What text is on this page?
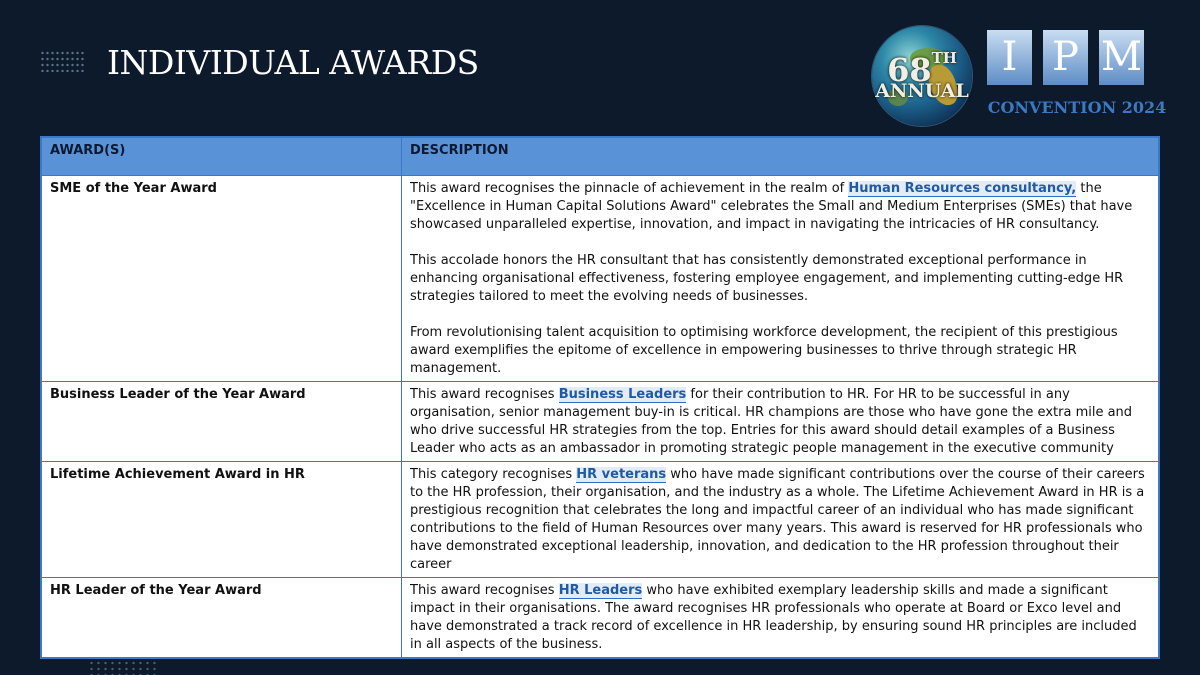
INDIVIDUAL AWARDS	68TH
ANNUAL
I P M
CONVENTION 2024
AWARD(S)	DESCRIPTION
SME of the Year Award	This award recognises the pinnacle of achievement in the realm of Human Resources consultancy, the "Excellence in Human Capital Solutions Award" celebrates the Small and Medium Enterprises (SMEs) that have showcased unparalleled expertise, innovation, and impact in navigating the intricacies of HR consultancy.

This accolade honors the HR consultant that has consistently demonstrated exceptional performance in enhancing organisational effectiveness, fostering employee engagement, and implementing cutting-edge HR strategies tailored to meet the evolving needs of businesses.

From revolutionising talent acquisition to optimising workforce development, the recipient of this prestigious award exemplifies the epitome of excellence in empowering businesses to thrive through strategic HR management.

Business Leader of the Year Award	This award recognises Business Leaders for their contribution to HR. For HR to be successful in any organisation, senior management buy-in is critical. HR champions are those who have gone the extra mile and who drive successful HR strategies from the top. Entries for this award should detail examples of a Business Leader who acts as an ambassador in promoting strategic people management in the executive community
Lifetime Achievement Award in HR	This category recognises HR veterans who have made significant contributions over the course of their careers to the HR profession, their organisation, and the industry as a whole. The Lifetime Achievement Award in HR is a prestigious recognition that celebrates the long and impactful career of an individual who has made significant contributions to the field of Human Resources over many years. This award is reserved for HR professionals who have demonstrated exceptional leadership, innovation, and dedication to the HR profession throughout their career
HR Leader of the Year Award	This award recognises HR Leaders who have exhibited exemplary leadership skills and made a significant impact in their organisations. The award recognises HR professionals who operate at Board or Exco level and have demonstrated a track record of excellence in HR leadership, by ensuring sound HR principles are included in all aspects of the business.
